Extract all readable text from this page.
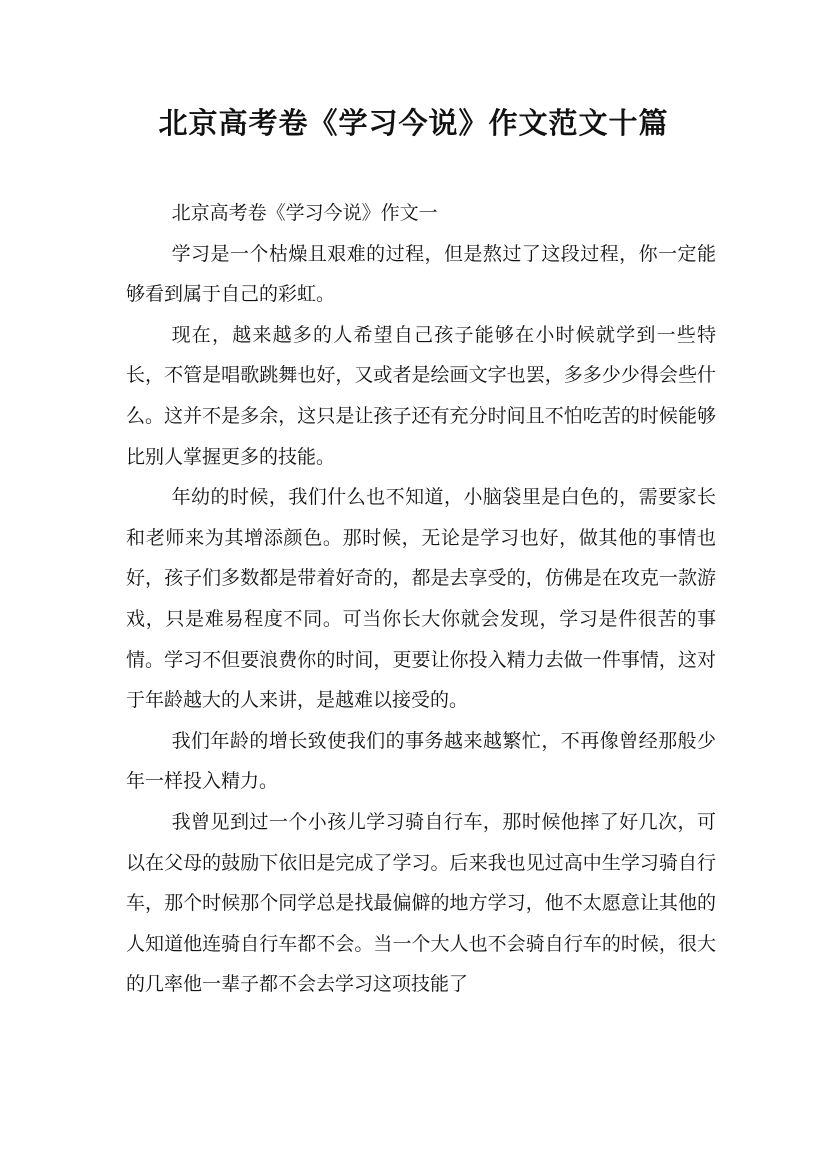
北京高考卷《学习今说》作文范文十篇

北京高考卷《学习今说》作文一

学习是一个枯燥且艰难的过程，但是熬过了这段过程，你一定能够看到属于自己的彩虹。

现在，越来越多的人希望自己孩子能够在小时候就学到一些特长，不管是唱歌跳舞也好，又或者是绘画文字也罢，多多少少得会些什么。这并不是多余，这只是让孩子还有充分时间且不怕吃苦的时候能够比别人掌握更多的技能。

年幼的时候，我们什么也不知道，小脑袋里是白色的，需要家长和老师来为其增添颜色。那时候，无论是学习也好，做其他的事情也好，孩子们多数都是带着好奇的，都是去享受的，仿佛是在攻克一款游戏，只是难易程度不同。可当你长大你就会发现，学习是件很苦的事情。学习不但要浪费你的时间，更要让你投入精力去做一件事情，这对于年龄越大的人来讲，是越难以接受的。

我们年龄的增长致使我们的事务越来越繁忙，不再像曾经那般少年一样投入精力。

我曾见到过一个小孩儿学习骑自行车，那时候他摔了好几次，可以在父母的鼓励下依旧是完成了学习。后来我也见过高中生学习骑自行车，那个时候那个同学总是找最偏僻的地方学习，他不太愿意让其他的人知道他连骑自行车都不会。当一个大人也不会骑自行车的时候，很大的几率他一辈子都不会去学习这项技能了
